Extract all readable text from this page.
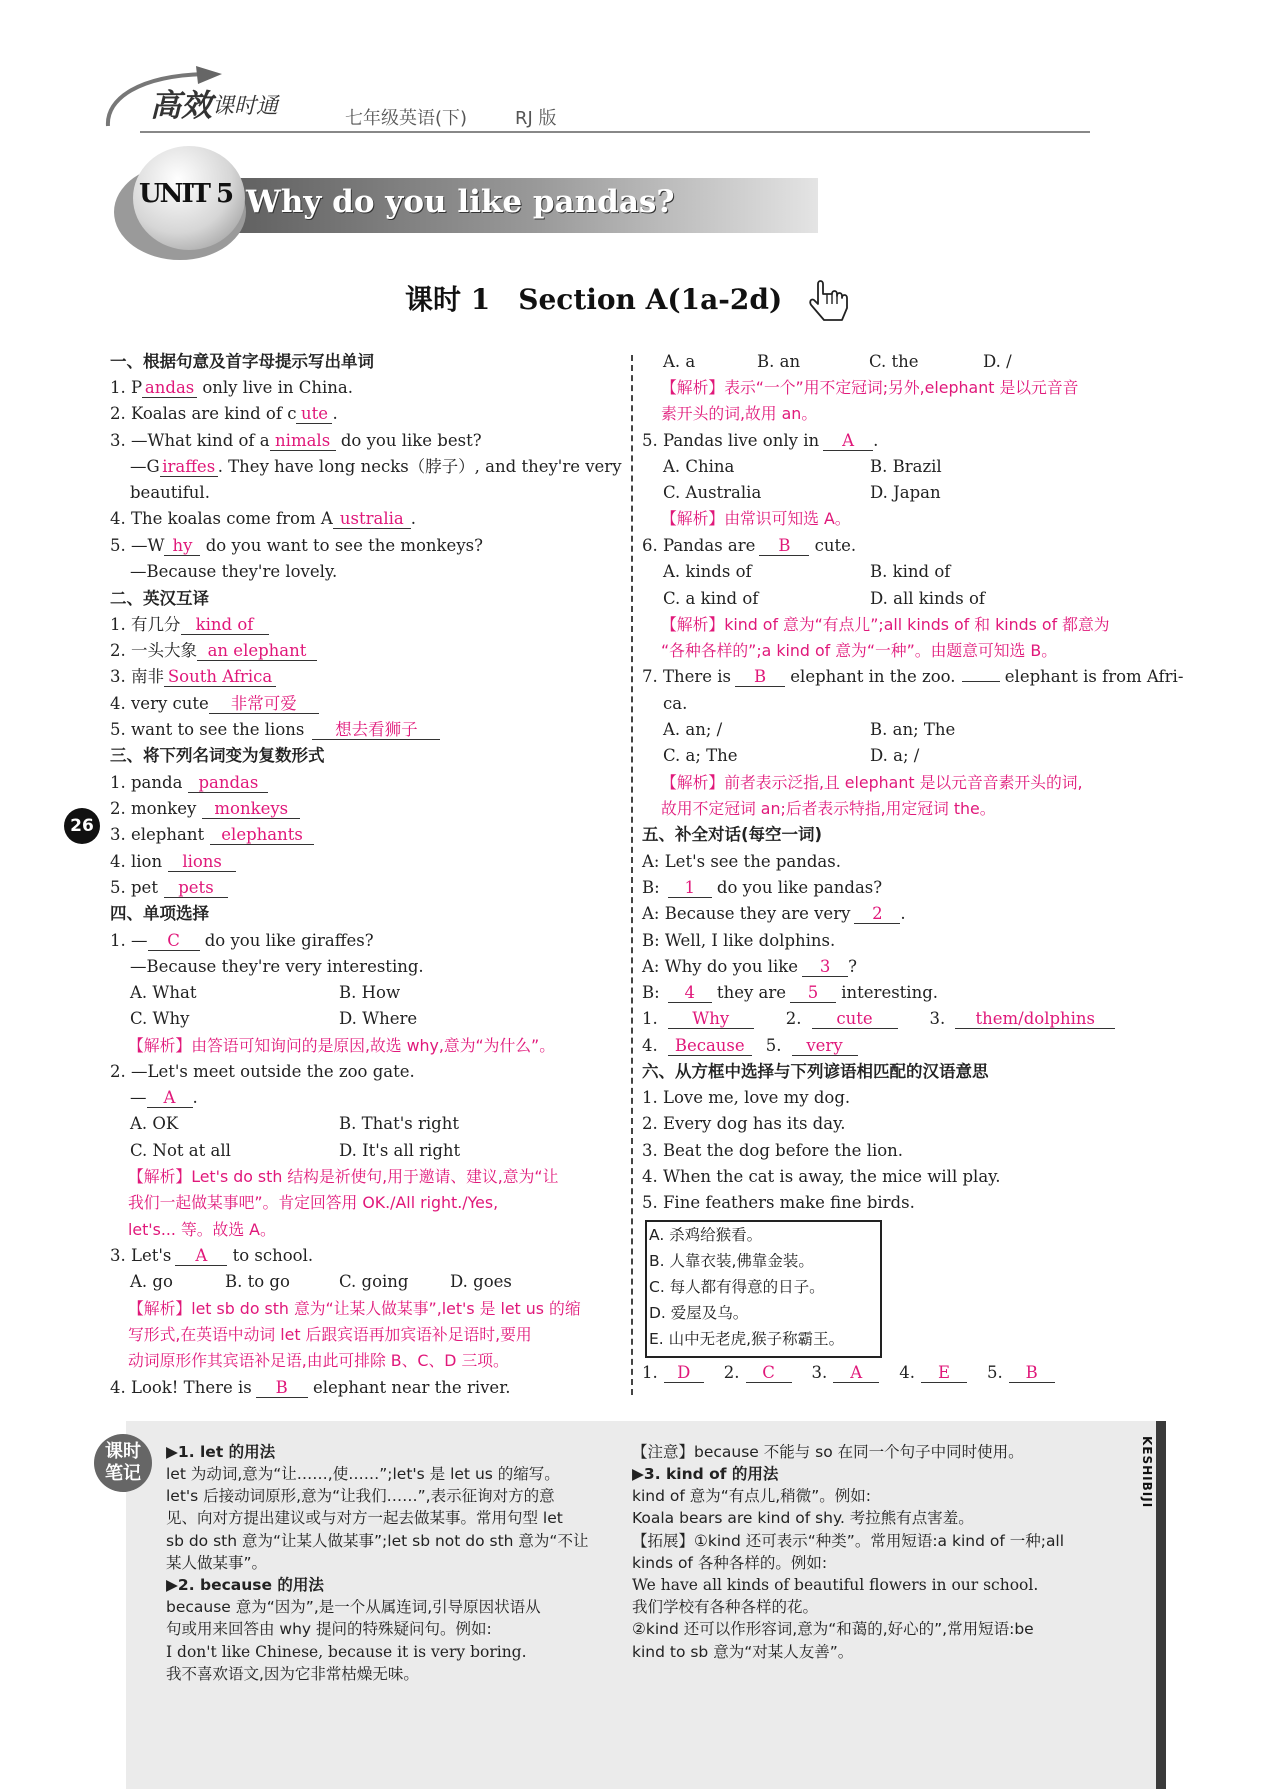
高效 课时通	七年级英语(下)	RJ 版
UNIT 5 Why do you like pandas?
课时 1　Section A(1a-2d)
一、根据句意及首字母提示写出单词
1. P andas only live in China.
2. Koalas are kind of c ute .
3. —What kind of a nimals do you like best?
—G iraffes . They have long necks（脖子）, and they're very
beautiful.
4. The koalas come from A ustralia .
5. —W hy do you want to see the monkeys?
—Because they're lovely.
二、英汉互译
1. 有几分 kind of
2. 一头大象 an elephant
3. 南非 South Africa
4. very cute 非常可爱
5. want to see the lions 想去看狮子
三、将下列名词变为复数形式
1. panda pandas
2. monkey monkeys
3. elephant elephants
4. lion lions
5. pet pets
四、单项选择
1. — C do you like giraffes?
—Because they're very interesting.
A. What	B. How
C. Why	D. Where
【解析】由答语可知询问的是原因,故选 why,意为“为什么”。
2. —Let's meet outside the zoo gate.
— A .
A. OK	B. That's right
C. Not at all	D. It's all right
【解析】Let's do sth 结构是祈使句,用于邀请、建议,意为“让
我们一起做某事吧”。肯定回答用 OK./All right./Yes,
let's... 等。故选 A。
3. Let's A to school.
A. go	B. to go	C. going	D. goes
【解析】let sb do sth 意为“让某人做某事”,let's 是 let us 的缩
写形式,在英语中动词 let 后跟宾语再加宾语补足语时,要用
动词原形作其宾语补足语,由此可排除 B、C、D 三项。
4. Look! There is B elephant near the river.
26
A. a	B. an	C. the	D. /
【解析】表示“一个”用不定冠词;另外,elephant 是以元音音
素开头的词,故用 an。
5. Pandas live only in A .
A. China	B. Brazil
C. Australia	D. Japan
【解析】由常识可知选 A。
6. Pandas are B cute.
A. kinds of	B. kind of
C. a kind of	D. all kinds of
【解析】kind of 意为“有点儿”;all kinds of 和 kinds of 都意为
“各种各样的”;a kind of 意为“一种”。由题意可知选 B。
7. There is B elephant in the zoo.	elephant is from Afri-
ca.
A. an; /	B. an; The
C. a; The	D. a; /
【解析】前者表示泛指,且 elephant 是以元音音素开头的词,
故用不定冠词 an;后者表示特指,用定冠词 the。
五、补全对话(每空一词)
A: Let's see the pandas.
B: 1 do you like pandas?
A: Because they are very 2 .
B: Well, I like dolphins.
A: Why do you like 3 ?
B: 4 they are 5 interesting.
1. Why	2. cute	3. them/dolphins
4. Because 5. very
六、从方框中选择与下列谚语相匹配的汉语意思
1. Love me, love my dog.
2. Every dog has its day.
3. Beat the dog before the lion.
4. When the cat is away, the mice will play.
5. Fine feathers make fine birds.
A. 杀鸡给猴看。
B. 人靠衣装,佛靠金装。
C. 每人都有得意的日子。
D. 爱屋及乌。
E. 山中无老虎,猴子称霸王。
1. D 2. C 3. A 4. E 5. B
KESHIBIJI
课时
笔记
▶1. let 的用法
let 为动词,意为“让……,使……”;let's 是 let us 的缩写。
let's 后接动词原形,意为“让我们……”,表示征询对方的意
见、向对方提出建议或与对方一起去做某事。常用句型 let
sb do sth 意为“让某人做某事”;let sb not do sth 意为“不让
某人做某事”。
▶2. because 的用法
because 意为“因为”,是一个从属连词,引导原因状语从
句或用来回答由 why 提问的特殊疑问句。例如:
I don't like Chinese, because it is very boring.
我不喜欢语文,因为它非常枯燥无味。
【注意】because 不能与 so 在同一个句子中同时使用。
▶3. kind of 的用法
kind of 意为“有点儿,稍微”。例如:
Koala bears are kind of shy. 考拉熊有点害羞。
【拓展】①kind 还可表示“种类”。常用短语:a kind of 一种;all
kinds of 各种各样的。例如:
We have all kinds of beautiful flowers in our school.
我们学校有各种各样的花。
②kind 还可以作形容词,意为“和蔼的,好心的”,常用短语:be
kind to sb 意为“对某人友善”。
